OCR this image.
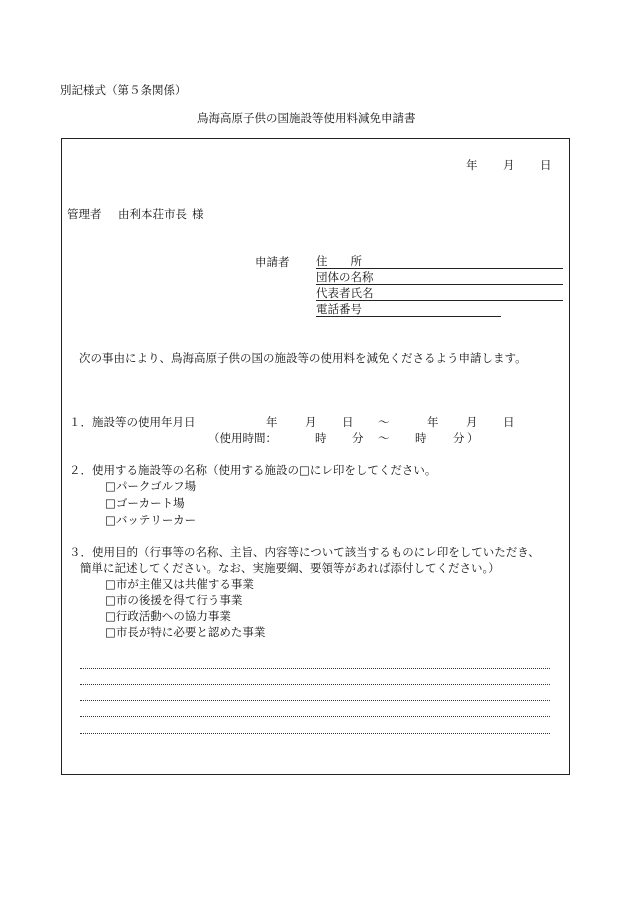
別記様式（第５条関係）
鳥海高原子供の国施設等使用料減免申請書
年 月 日
管理者 由利本荘市長 様
申請者 住　　所
団体の名称
代表者氏名
電話番号
次の事由により、鳥海高原子供の国の施設等の使用料を減免くださるよう申請します。
１．施設等の使用年月日	年 月 日 〜	年 月 日
（使用時間：	時 分 〜 時 分 ）
２．使用する施設等の名称（使用する施設の□にレ印をしてください。
□パークゴルフ場
□ゴーカート場
□バッテリーカー
３．使用目的（行事等の名称、主旨、内容等について該当するものにレ印をしていただき、
簡単に記述してください。なお、実施要綱、要領等があれば添付してください。）
□市が主催又は共催する事業
□市の後援を得て行う事業
□行政活動への協力事業
□市長が特に必要と認めた事業
